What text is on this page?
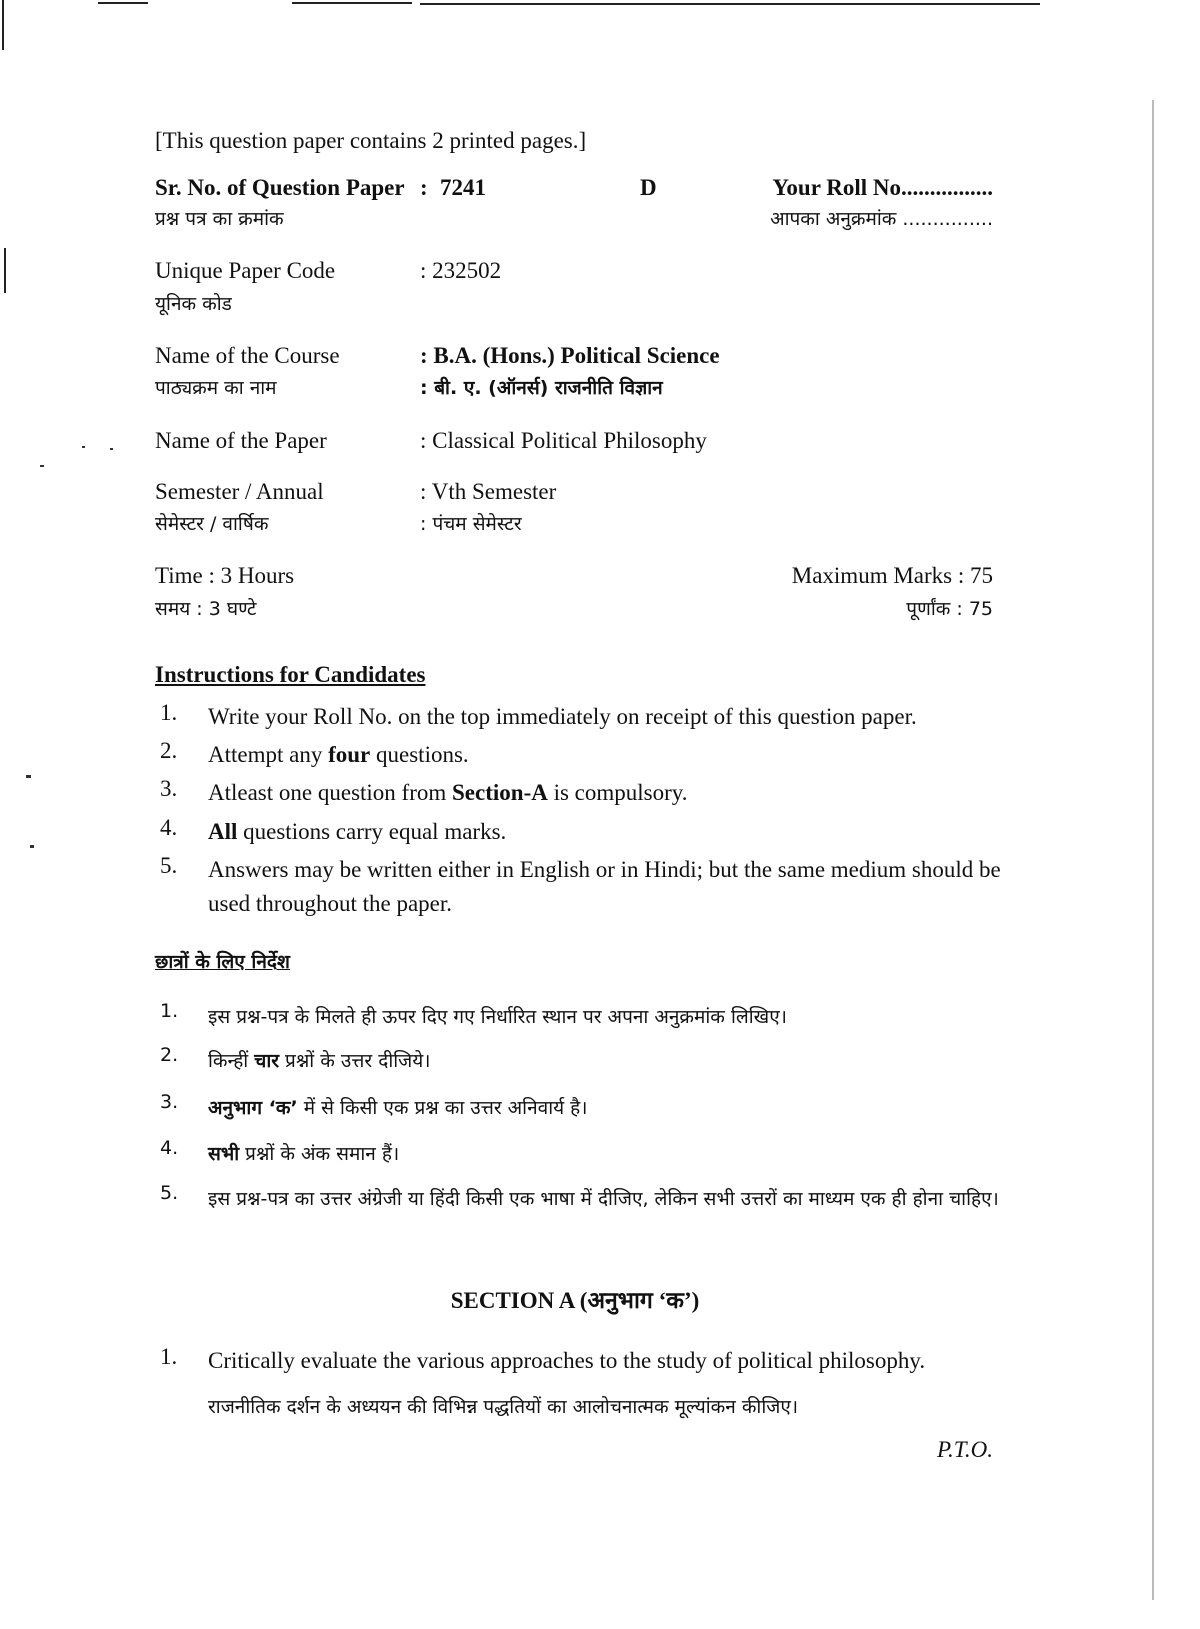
[This question paper contains 2 printed pages.]
Sr. No. of Question Paper : 7241	D	Your Roll No................
प्रश्न पत्र का क्रमांक	आपका अनुक्रमांक ...............
Unique Paper Code	: 232502
यूनिक कोड
Name of the Course	: B.A. (Hons.) Political Science
पाठ्यक्रम का नाम	: बी. ए. (ऑनर्स) राजनीति विज्ञान
Name of the Paper	: Classical Political Philosophy
Semester / Annual	: Vth Semester
सेमेस्टर / वार्षिक	: पंचम सेमेस्टर
Time : 3 Hours	Maximum Marks : 75
समय : 3 घण्टे	पूर्णांक : 75
Instructions for Candidates
1. Write your Roll No. on the top immediately on receipt of this question paper.
2. Attempt any four questions.
3. Atleast one question from Section-A is compulsory.
4. All questions carry equal marks.
5. Answers may be written either in English or in Hindi; but the same medium should be used throughout the paper.
छात्रों के लिए निर्देश
1. इस प्रश्न-पत्र के मिलते ही ऊपर दिए गए निर्धारित स्थान पर अपना अनुक्रमांक लिखिए।
2. किन्हीं चार प्रश्नों के उत्तर दीजिये।
3. अनुभाग ‘क’ में से किसी एक प्रश्न का उत्तर अनिवार्य है।
4. सभी प्रश्नों के अंक समान हैं।
5. इस प्रश्न-पत्र का उत्तर अंग्रेजी या हिंदी किसी एक भाषा में दीजिए, लेकिन सभी उत्तरों का माध्यम एक ही होना चाहिए।
SECTION A (अनुभाग ‘क’)
1. Critically evaluate the various approaches to the study of political philosophy.
राजनीतिक दर्शन के अध्ययन की विभिन्न पद्धतियों का आलोचनात्मक मूल्यांकन कीजिए।
P.T.O.
